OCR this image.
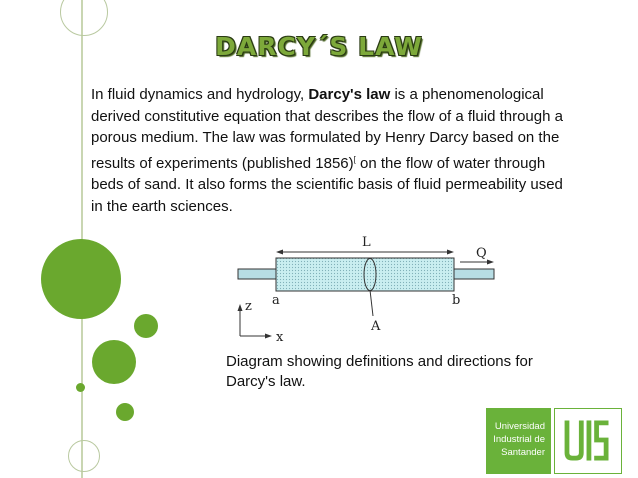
DARCY´S LAW
In fluid dynamics and hydrology, Darcy's law is a phenomenological derived constitutive equation that describes the flow of a fluid through a porous medium. The law was formulated by Henry Darcy based on the results of experiments (published 1856)[ on the flow of water through beds of sand. It also forms the scientific basis of fluid permeability used in the earth sciences.
L
Q
a	b
A
z
x
Diagram showing definitions and directions for Darcy's law.
Universidad
Industrial de
Santander
